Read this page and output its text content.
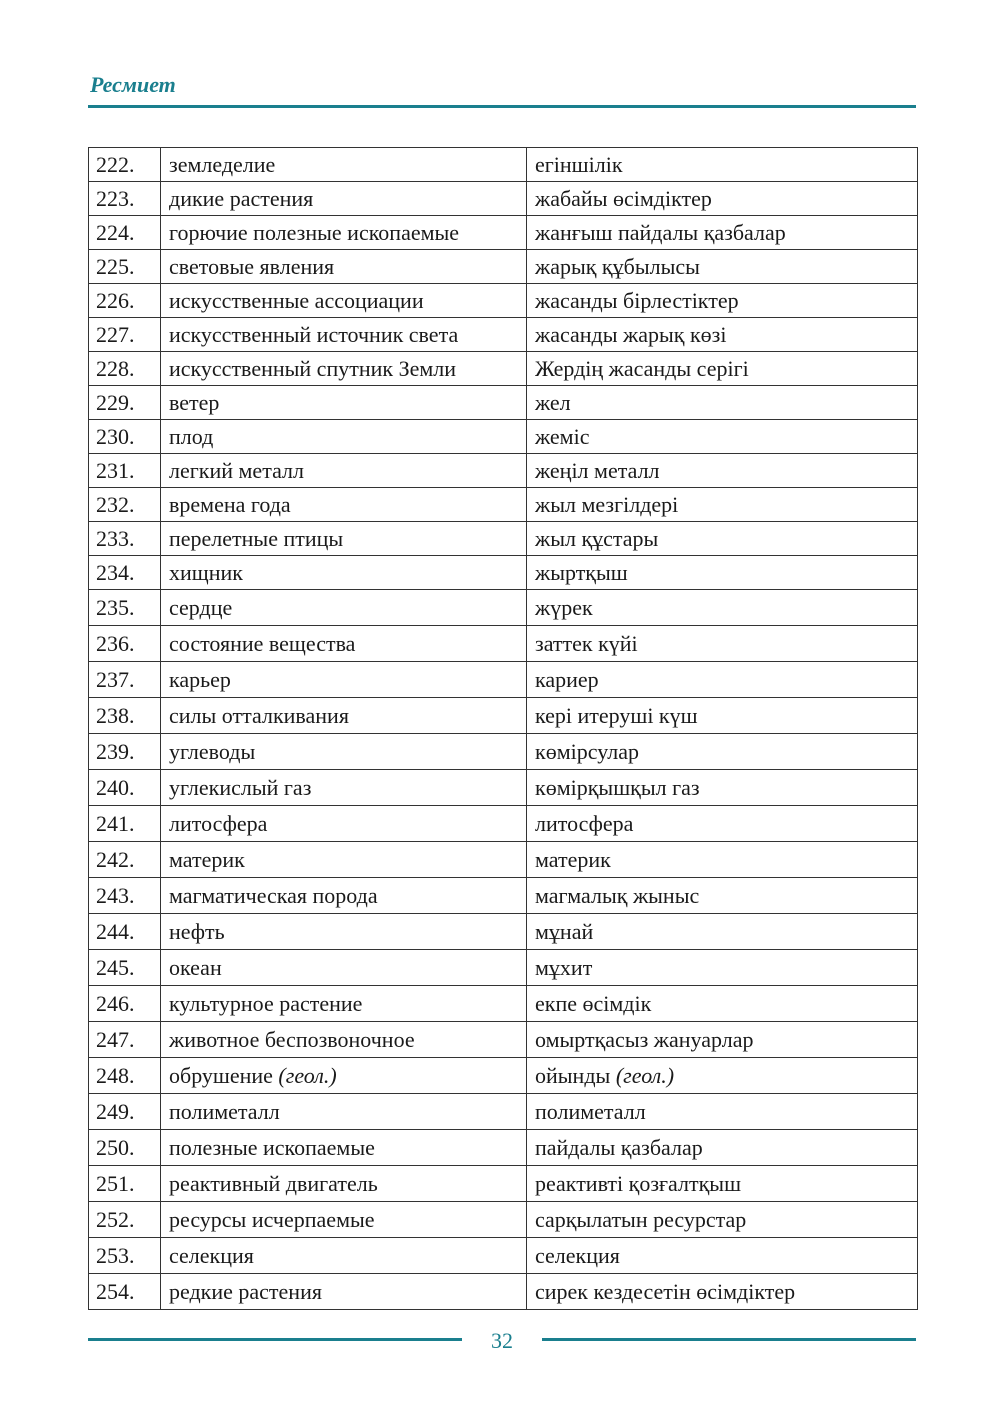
Ресмиет
222.	земледелие	егіншілік
223.	дикие растения	жабайы өсімдіктер
224.	горючие полезные ископаемые	жанғыш пайдалы қазбалар
225.	световые явления	жарық құбылысы
226.	искусственные ассоциации	жасанды бірлестіктер
227.	искусственный источник света	жасанды жарық көзі
228.	искусственный спутник Земли	Жердің жасанды серігі
229.	ветер	жел
230.	плод	жеміс
231.	легкий металл	жеңіл металл
232.	времена года	жыл мезгілдері
233.	перелетные птицы	жыл құстары
234.	хищник	жыртқыш
235.	сердце	жүрек
236.	состояние вещества	заттек күйі
237.	карьер	кариер
238.	силы отталкивания	кері итеруші күш
239.	углеводы	көмірсулар
240.	углекислый газ	көмірқышқыл газ
241.	литосфера	литосфера
242.	материк	материк
243.	магматическая порода	магмалық жыныс
244.	нефть	мұнай
245.	океан	мұхит
246.	культурное растение	екпе өсімдік
247.	животное беспозвоночное	омыртқасыз жануарлар
248.	обрушение (геол.)	ойынды (геол.)
249.	полиметалл	полиметалл
250.	полезные ископаемые	пайдалы қазбалар
251.	реактивный двигатель	реактивті қозғалтқыш
252.	ресурсы исчерпаемые	сарқылатын ресурстар
253.	селекция	селекция
254.	редкие растения	сирек кездесетін өсімдіктер
32
